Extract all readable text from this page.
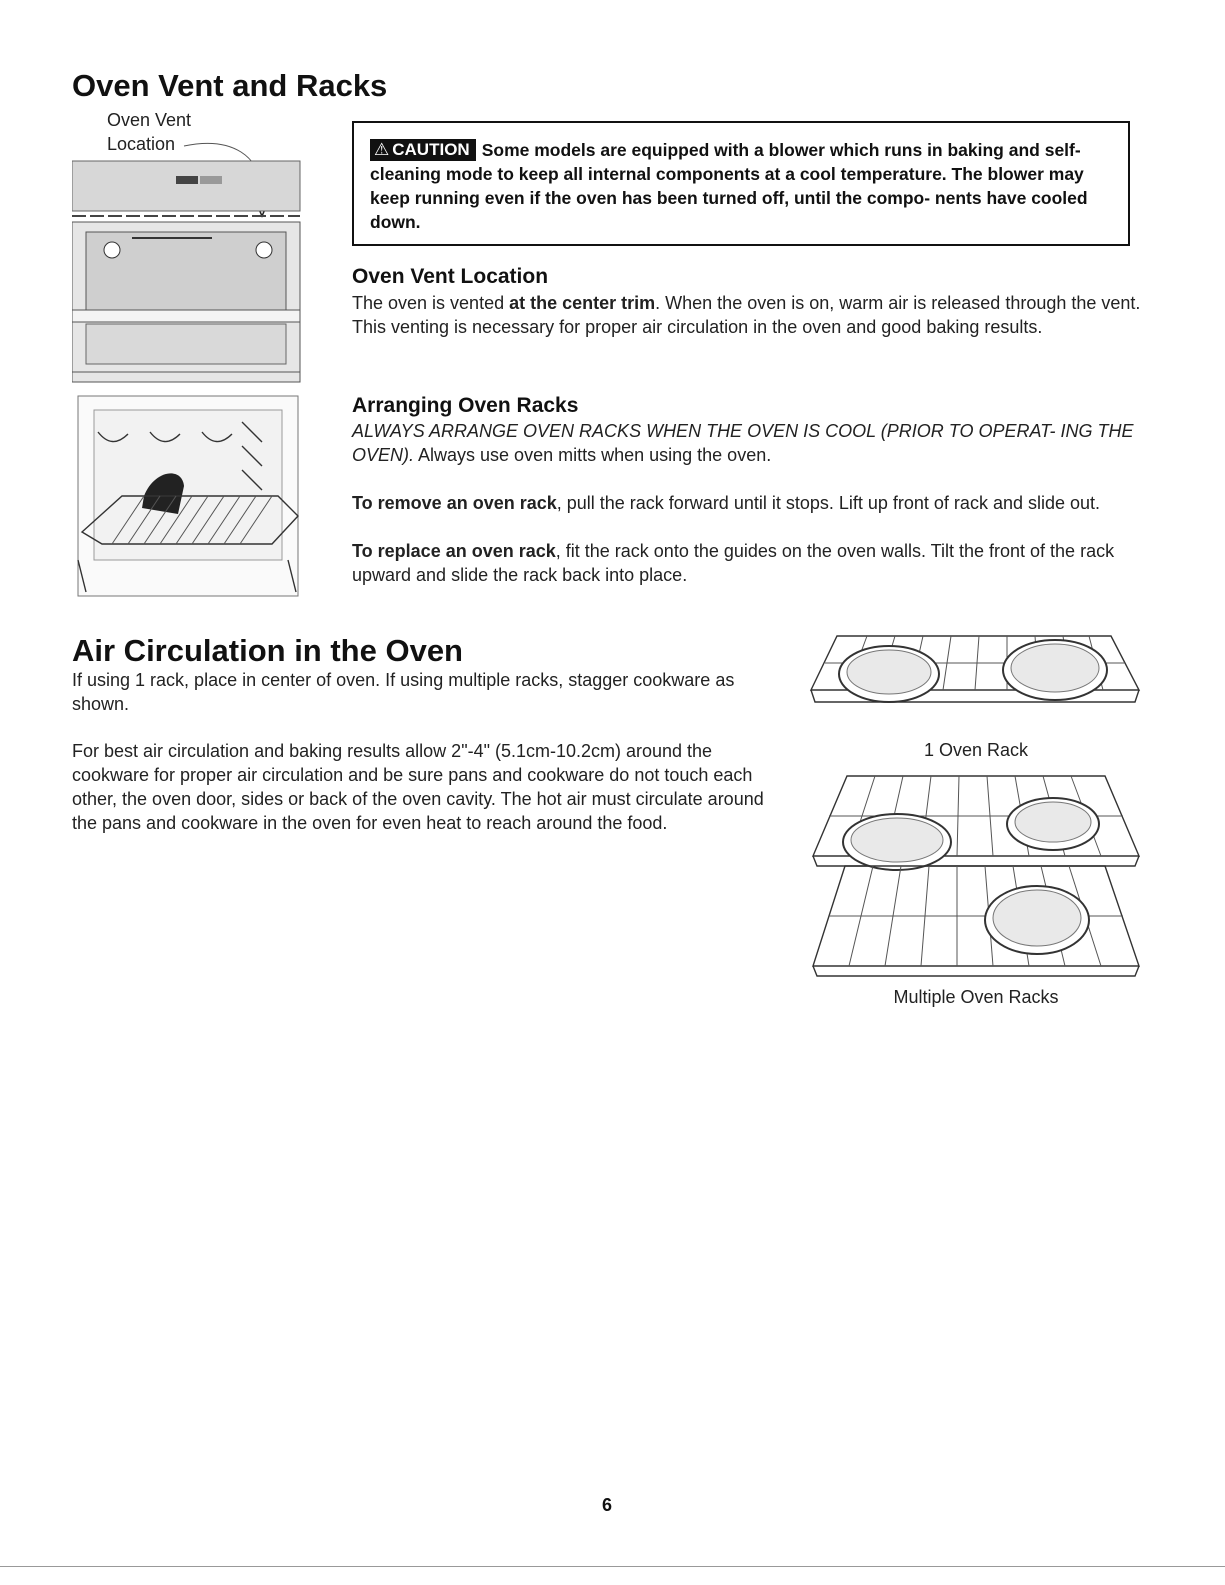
Oven Vent and Racks
Oven Vent
Location	⚠ CAUTION Some models are equipped with a blower which runs in baking and self-cleaning mode to keep all internal components at a cool temperature. The blower may keep running even if the oven has been turned off, until the compo- nents have cooled down.
Oven Vent Location

The oven is vented at the center trim. When the oven is on, warm air is released through the vent. This venting is necessary for proper air circulation in the oven and good baking results.

Arranging Oven Racks

ALWAYS ARRANGE OVEN RACKS WHEN THE OVEN IS COOL (PRIOR TO OPERAT- ING THE OVEN). Always use oven mitts when using the oven.

To remove an oven rack, pull the rack forward until it stops. Lift up front of rack and slide out.

To replace an oven rack, fit the rack onto the guides on the oven walls. Tilt the front of the rack upward and slide the rack back into place.

Air Circulation in the Oven

If using 1 rack, place in center of oven. If using multiple racks, stagger cookware as shown.

For best air circulation and baking results allow 2"-4" (5.1cm-10.2cm) around the cookware for proper air circulation and be sure pans and cookware do not touch each other, the oven door, sides or back of the oven cavity. The hot air must circulate around the pans and cookware in the oven for even heat to reach around the food.

1 Oven Rack
Multiple Oven Racks
6
